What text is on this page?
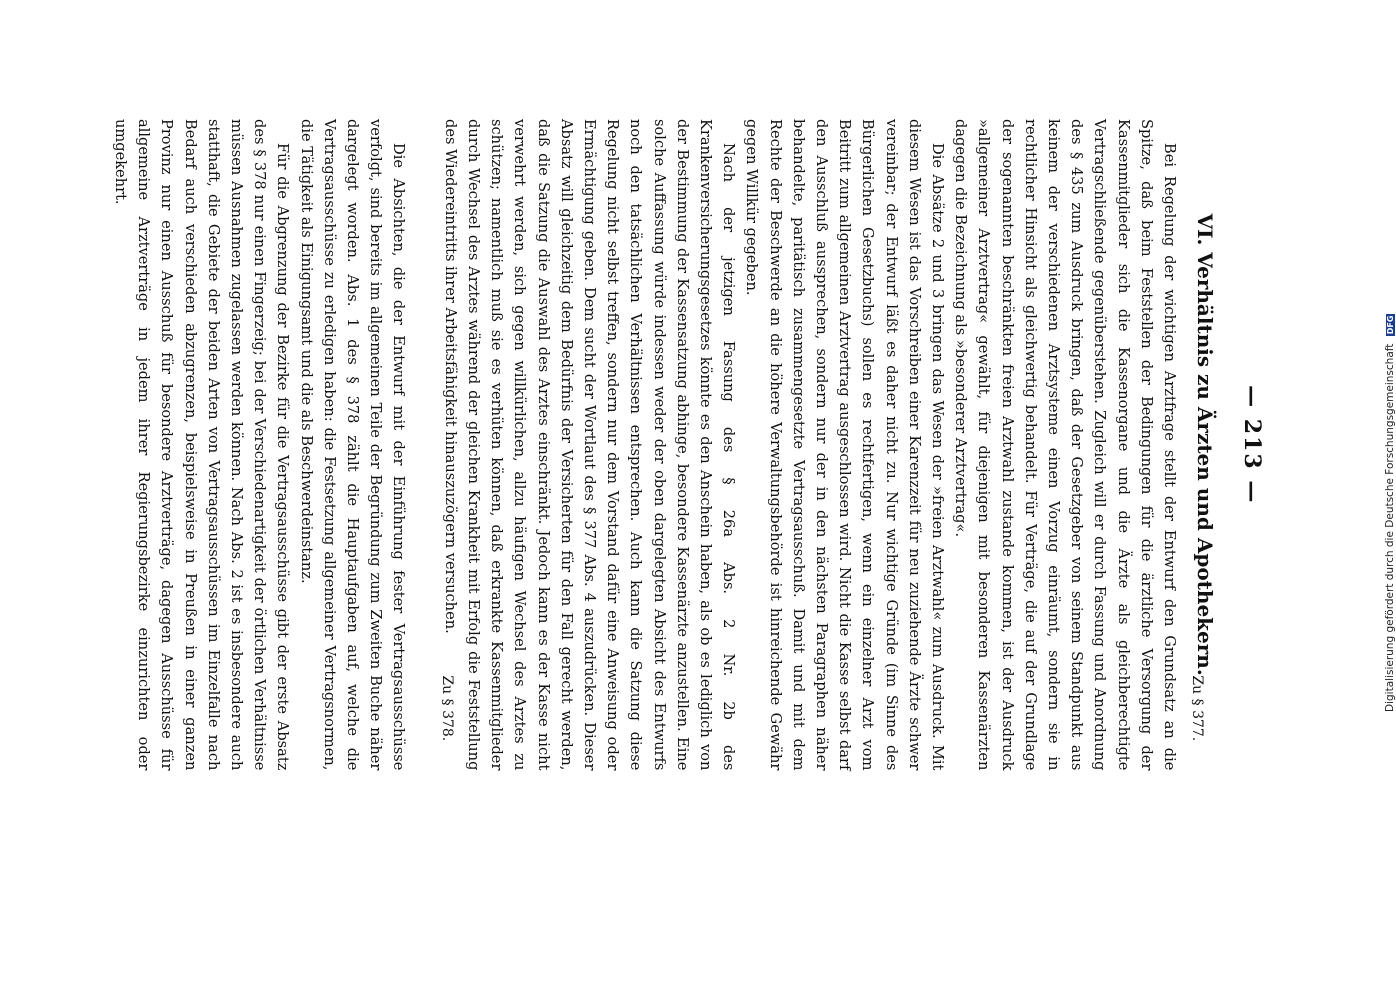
— 213 —
VI. Verhältnis zu Ärzten und Apothekern.

Bei Regelung der wichtigen Arztfrage stellt der Entwurf den Grundsatz an die Spitze, daß beim Feststellen der Bedingungen für die ärztliche Versorgung der Kassenmitglieder sich die Kassenorgane und die Ärzte als gleichberechtigte Vertragschließende gegenüberstehen. Zugleich will er durch Fassung und Anordnung des § 435 zum Ausdruck bringen, daß der Gesetzgeber von seinem Standpunkt aus keinem der verschiedenen Arztsysteme einen Vorzug einräumt, sondern sie in rechtlicher Hinsicht als gleichwertig behandelt. Für Verträge, die auf der Grundlage der sogenannten beschränkten freien Arztwahl zustande kommen, ist der Ausdruck »allgemeiner Arztvertrag« gewählt, für diejenigen mit besonderen Kassenärzten dagegen die Bezeichnung als »besonderer Arztvertrag«.

Die Absätze 2 und 3 bringen das Wesen der »freien Arztwahl« zum Ausdruck. Mit diesem Wesen ist das Vorschreiben einer Karenzzeit für neu zuziehende Ärzte schwer vereinbar; der Entwurf läßt es daher nicht zu. Nur wichtige Gründe (im Sinne des Bürgerlichen Gesetzbuchs) sollen es rechtfertigen, wenn ein einzelner Arzt vom Beitritt zum allgemeinen Arztvertrag ausgeschlossen wird. Nicht die Kasse selbst darf den Ausschluß aussprechen, sondern nur der in den nächsten Paragraphen näher behandelte, paritätisch zusammengesetzte Vertragsausschuß. Damit und mit dem Rechte der Beschwerde an die höhere Verwaltungsbehörde ist hinreichende Gewähr gegen Willkür gegeben.

Nach der jetzigen Fassung des § 26a Abs. 2 Nr. 2b des Krankenversicherungsgesetzes könnte es den Anschein haben, als ob es lediglich von der Bestimmung der Kassensatzung abhinge, besondere Kassenärzte anzustellen. Eine solche Auffassung würde indessen weder der oben dargelegten Absicht des Entwurfs noch den tatsächlichen Verhältnissen entsprechen. Auch kann die Satzung diese Regelung nicht selbst treffen, sondern nur dem Vorstand dafür eine Anweisung oder Ermächtigung geben. Dem sucht der Wortlaut des § 377 Abs. 4 auszudrücken. Dieser Absatz will gleichzeitig dem Bedürfnis der Versicherten für den Fall gerecht werden, daß die Satzung die Auswahl des Arztes einschränkt. Jedoch kann es der Kasse nicht verwehrt werden, sich gegen willkürlichen, allzu häufigen Wechsel des Arztes zu schützen; namentlich muß sie es verhüten können, daß erkrankte Kassenmitglieder durch Wechsel des Arztes während der gleichen Krankheit mit Erfolg die Feststellung des Wiedereintritts ihrer Arbeitsfähigkeit hinauszuzögern versuchen.

Die Absichten, die der Entwurf mit der Einführung fester Vertragsausschüsse verfolgt, sind bereits im allgemeinen Teile der Begründung zum Zweiten Buche näher dargelegt worden. Abs. 1 des § 378 zählt die Hauptaufgaben auf, welche die Vertragsausschüsse zu erledigen haben: die Festsetzung allgemeiner Vertragsnormen, die Tätigkeit als Einigungsamt und die als Beschwerdeinstanz.

Für die Abgrenzung der Bezirke für die Vertragsausschüsse gibt der erste Absatz des § 378 nur einen Fingerzeig; bei der Verschiedenartigkeit der örtlichen Verhältnisse müssen Ausnahmen zugelassen werden können. Nach Abs. 2 ist es insbesondere auch statthaft, die Gebiete der beiden Arten von Vertragsausschüssen im Einzelfalle nach Bedarf auch verschieden abzugrenzen, beispielsweise in Preußen in einer ganzen Provinz nur einen Ausschuß für besondere Arztverträge, dagegen Ausschüsse für allgemeine Arztverträge in jedem ihrer Regierungsbezirke einzurichten oder umgekehrt.

Zu § 377.
Zu § 378.	Digitalisierung gefördert durch die Deutsche Forschungsgemeinschaft DFG
